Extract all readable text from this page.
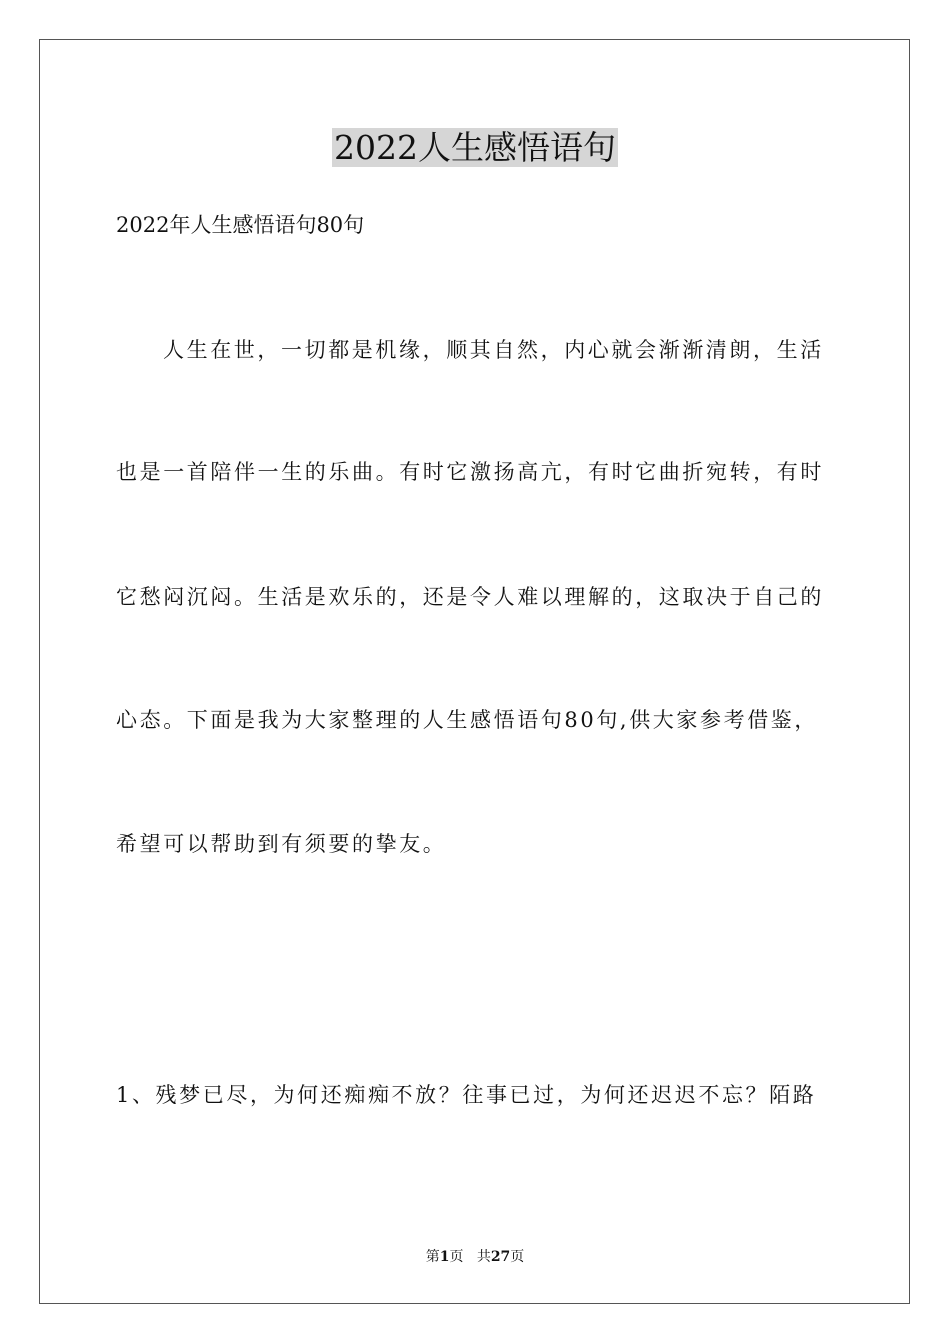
2022人生感悟语句
2022年人生感悟语句80句
人生在世，一切都是机缘，顺其自然，内心就会渐渐清朗，生活
也是一首陪伴一生的乐曲。有时它激扬高亢，有时它曲折宛转，有时
它愁闷沉闷。生活是欢乐的，还是令人难以理解的，这取决于自己的
心态。下面是我为大家整理的人生感悟语句80句,供大家参考借鉴，
希望可以帮助到有须要的挚友。
1、残梦已尽，为何还痴痴不放？往事已过，为何还迟迟不忘？陌路
第1页 共27页
